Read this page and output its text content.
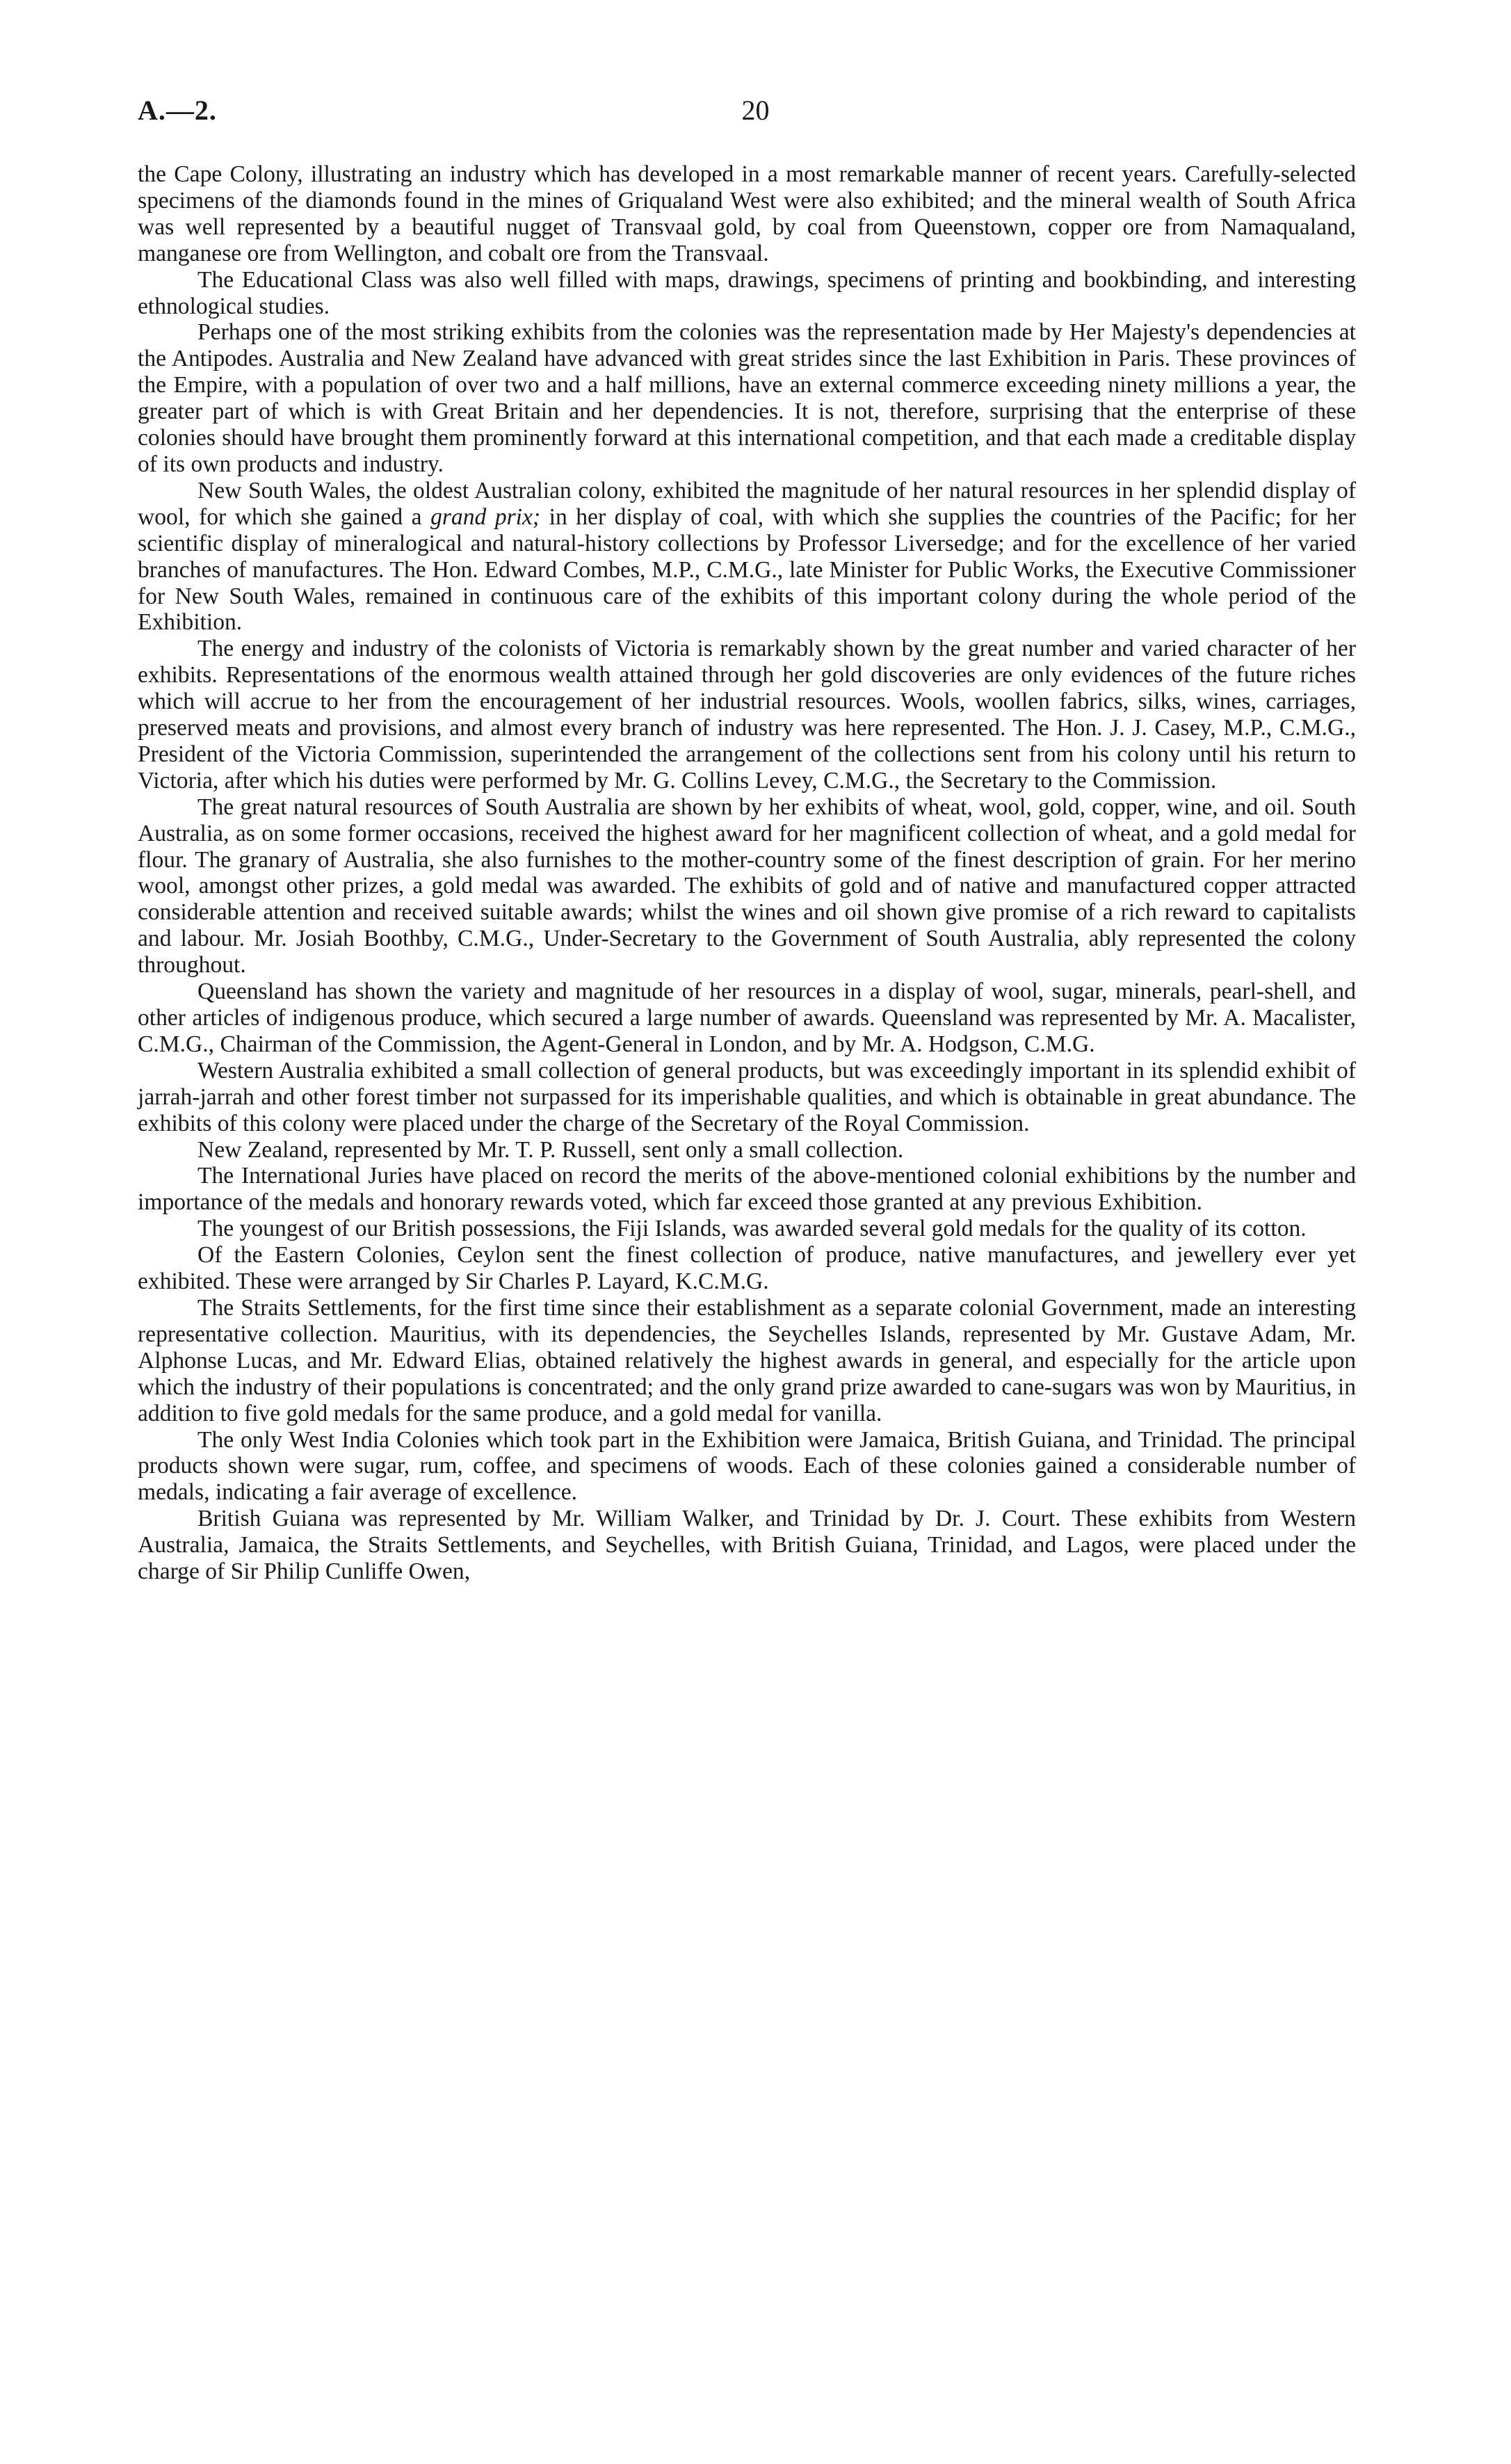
A.—2.	20

the Cape Colony, illustrating an industry which has developed in a most remarkable manner of recent years. Carefully-selected specimens of the diamonds found in the mines of Griqualand West were also exhibited; and the mineral wealth of South Africa was well represented by a beautiful nugget of Transvaal gold, by coal from Queenstown, copper ore from Namaqualand, manganese ore from Wellington, and cobalt ore from the Transvaal.

The Educational Class was also well filled with maps, drawings, specimens of printing and bookbinding, and interesting ethnological studies.

Perhaps one of the most striking exhibits from the colonies was the representation made by Her Majesty's dependencies at the Antipodes. Australia and New Zealand have advanced with great strides since the last Exhibition in Paris. These provinces of the Empire, with a population of over two and a half millions, have an external commerce exceeding ninety millions a year, the greater part of which is with Great Britain and her dependencies. It is not, therefore, surprising that the enterprise of these colonies should have brought them prominently forward at this international competition, and that each made a creditable display of its own products and industry.

New South Wales, the oldest Australian colony, exhibited the magnitude of her natural resources in her splendid display of wool, for which she gained a grand prix; in her display of coal, with which she supplies the countries of the Pacific; for her scientific display of mineralogical and natural-history collections by Professor Liversedge; and for the excellence of her varied branches of manufactures. The Hon. Edward Combes, M.P., C.M.G., late Minister for Public Works, the Executive Commissioner for New South Wales, remained in continuous care of the exhibits of this important colony during the whole period of the Exhibition.

The energy and industry of the colonists of Victoria is remarkably shown by the great number and varied character of her exhibits. Representations of the enormous wealth attained through her gold discoveries are only evidences of the future riches which will accrue to her from the encouragement of her industrial resources. Wools, woollen fabrics, silks, wines, carriages, preserved meats and provisions, and almost every branch of industry was here represented. The Hon. J. J. Casey, M.P., C.M.G., President of the Victoria Commission, superintended the arrangement of the collections sent from his colony until his return to Victoria, after which his duties were performed by Mr. G. Collins Levey, C.M.G., the Secretary to the Commission.

The great natural resources of South Australia are shown by her exhibits of wheat, wool, gold, copper, wine, and oil. South Australia, as on some former occasions, received the highest award for her magnificent collection of wheat, and a gold medal for flour. The granary of Australia, she also furnishes to the mother-country some of the finest description of grain. For her merino wool, amongst other prizes, a gold medal was awarded. The exhibits of gold and of native and manufactured copper attracted considerable attention and received suitable awards; whilst the wines and oil shown give promise of a rich reward to capitalists and labour. Mr. Josiah Boothby, C.M.G., Under-Secretary to the Government of South Australia, ably represented the colony throughout.

Queensland has shown the variety and magnitude of her resources in a display of wool, sugar, minerals, pearl-shell, and other articles of indigenous produce, which secured a large number of awards. Queensland was represented by Mr. A. Macalister, C.M.G., Chairman of the Commission, the Agent-General in London, and by Mr. A. Hodgson, C.M.G.

Western Australia exhibited a small collection of general products, but was exceedingly important in its splendid exhibit of jarrah-jarrah and other forest timber not surpassed for its imperishable qualities, and which is obtainable in great abundance. The exhibits of this colony were placed under the charge of the Secretary of the Royal Commission.

New Zealand, represented by Mr. T. P. Russell, sent only a small collection.

The International Juries have placed on record the merits of the above-mentioned colonial exhibitions by the number and importance of the medals and honorary rewards voted, which far exceed those granted at any previous Exhibition.

The youngest of our British possessions, the Fiji Islands, was awarded several gold medals for the quality of its cotton.

Of the Eastern Colonies, Ceylon sent the finest collection of produce, native manufactures, and jewellery ever yet exhibited. These were arranged by Sir Charles P. Layard, K.C.M.G.

The Straits Settlements, for the first time since their establishment as a separate colonial Government, made an interesting representative collection. Mauritius, with its dependencies, the Seychelles Islands, represented by Mr. Gustave Adam, Mr. Alphonse Lucas, and Mr. Edward Elias, obtained relatively the highest awards in general, and especially for the article upon which the industry of their populations is concentrated; and the only grand prize awarded to cane-sugars was won by Mauritius, in addition to five gold medals for the same produce, and a gold medal for vanilla.

The only West India Colonies which took part in the Exhibition were Jamaica, British Guiana, and Trinidad. The principal products shown were sugar, rum, coffee, and specimens of woods. Each of these colonies gained a considerable number of medals, indicating a fair average of excellence.

British Guiana was represented by Mr. William Walker, and Trinidad by Dr. J. Court. These exhibits from Western Australia, Jamaica, the Straits Settlements, and Seychelles, with British Guiana, Trinidad, and Lagos, were placed under the charge of Sir Philip Cunliffe Owen,
